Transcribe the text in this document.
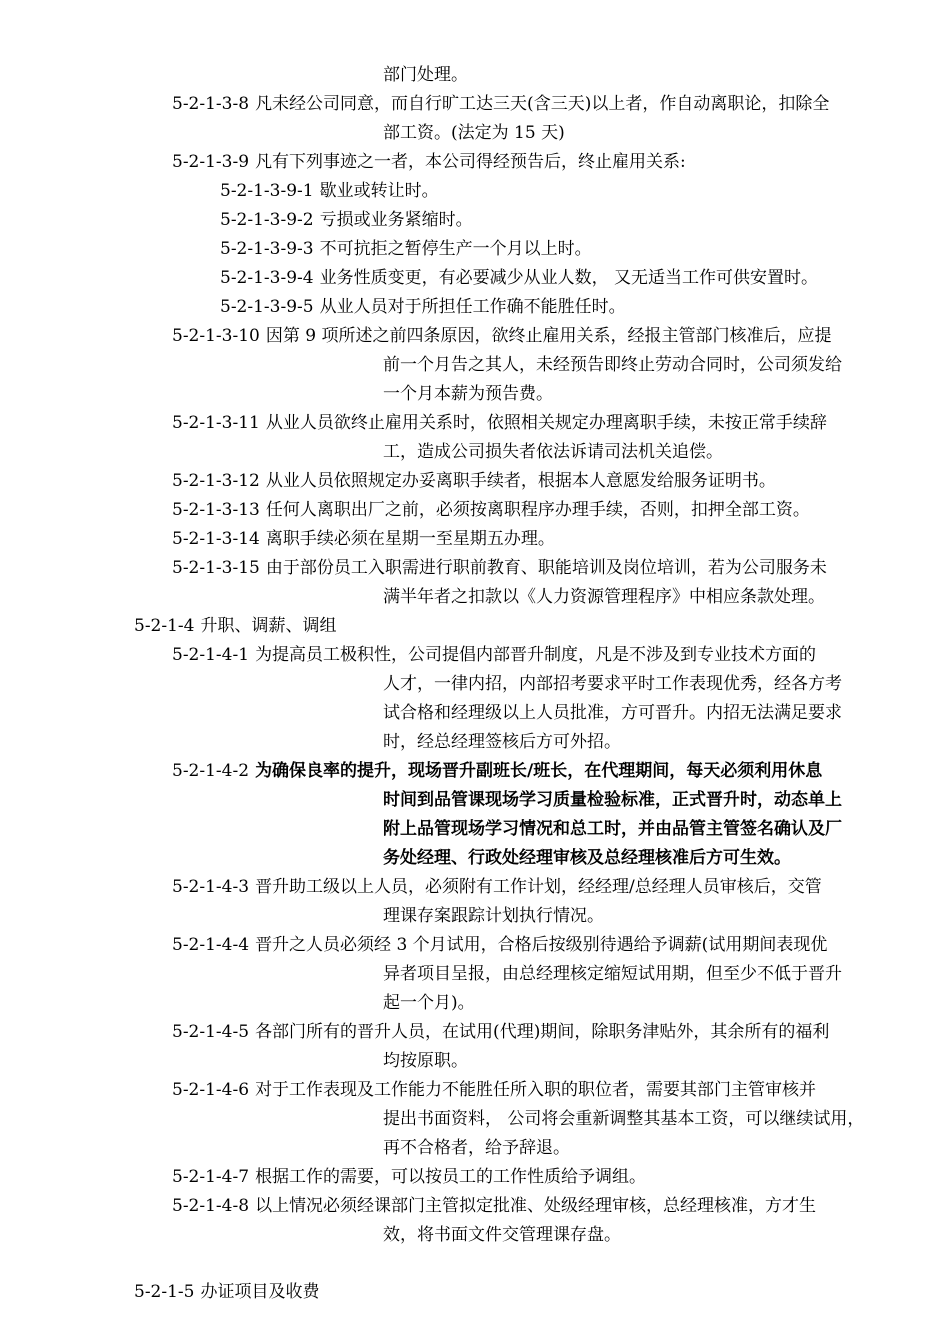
部门处理。
5-2-1-3-8 凡未经公司同意，而自行旷工达三天(含三天)以上者，作自动离职论，扣除全
部工资。(法定为 15 天)
5-2-1-3-9 凡有下列事迹之一者，本公司得经预告后，终止雇用关系:
5-2-1-3-9-1 歇业或转让时。
5-2-1-3-9-2 亏损或业务紧缩时。
5-2-1-3-9-3 不可抗拒之暂停生产一个月以上时。
5-2-1-3-9-4 业务性质变更，有必要减少从业人数， 又无适当工作可供安置时。
5-2-1-3-9-5 从业人员对于所担任工作确不能胜任时。
5-2-1-3-10 因第 9 项所述之前四条原因，欲终止雇用关系，经报主管部门核准后，应提
前一个月告之其人，未经预告即终止劳动合同时，公司须发给
一个月本薪为预告费。
5-2-1-3-11 从业人员欲终止雇用关系时，依照相关规定办理离职手续，未按正常手续辞
工，造成公司损失者依法诉请司法机关追偿。
5-2-1-3-12 从业人员依照规定办妥离职手续者，根据本人意愿发给服务证明书。
5-2-1-3-13 任何人离职出厂之前，必须按离职程序办理手续，否则，扣押全部工资。
5-2-1-3-14 离职手续必须在星期一至星期五办理。
5-2-1-3-15 由于部份员工入职需进行职前教育、职能培训及岗位培训，若为公司服务未
满半年者之扣款以《人力资源管理程序》中相应条款处理。
5-2-1-4 升职、调薪、调组
5-2-1-4-1 为提高员工极积性，公司提倡内部晋升制度，凡是不涉及到专业技术方面的
人才，一律内招，内部招考要求平时工作表现优秀，经各方考
试合格和经理级以上人员批准，方可晋升。内招无法满足要求
时，经总经理签核后方可外招。
5-2-1-4-2 为确保良率的提升，现场晋升副班长/班长，在代理期间，每天必须利用休息
时间到品管课现场学习质量检验标准，正式晋升时，动态单上
附上品管现场学习情况和总工时，并由品管主管签名确认及厂
务处经理、行政处经理审核及总经理核准后方可生效。
5-2-1-4-3 晋升助工级以上人员，必须附有工作计划，经经理/总经理人员审核后，交管
理课存案跟踪计划执行情况。
5-2-1-4-4 晋升之人员必须经 3 个月试用，合格后按级别待遇给予调薪(试用期间表现优
异者项目呈报，由总经理核定缩短试用期，但至少不低于晋升
起一个月)。
5-2-1-4-5 各部门所有的晋升人员，在试用(代理)期间，除职务津贴外，其余所有的福利
均按原职。
5-2-1-4-6 对于工作表现及工作能力不能胜任所入职的职位者，需要其部门主管审核并
提出书面资料， 公司将会重新调整其基本工资，可以继续试用，
再不合格者，给予辞退。
5-2-1-4-7 根据工作的需要，可以按员工的工作性质给予调组。
5-2-1-4-8 以上情况必须经课部门主管拟定批准、处级经理审核，总经理核准，方才生
效，将书面文件交管理课存盘。
5-2-1-5 办证项目及收费
